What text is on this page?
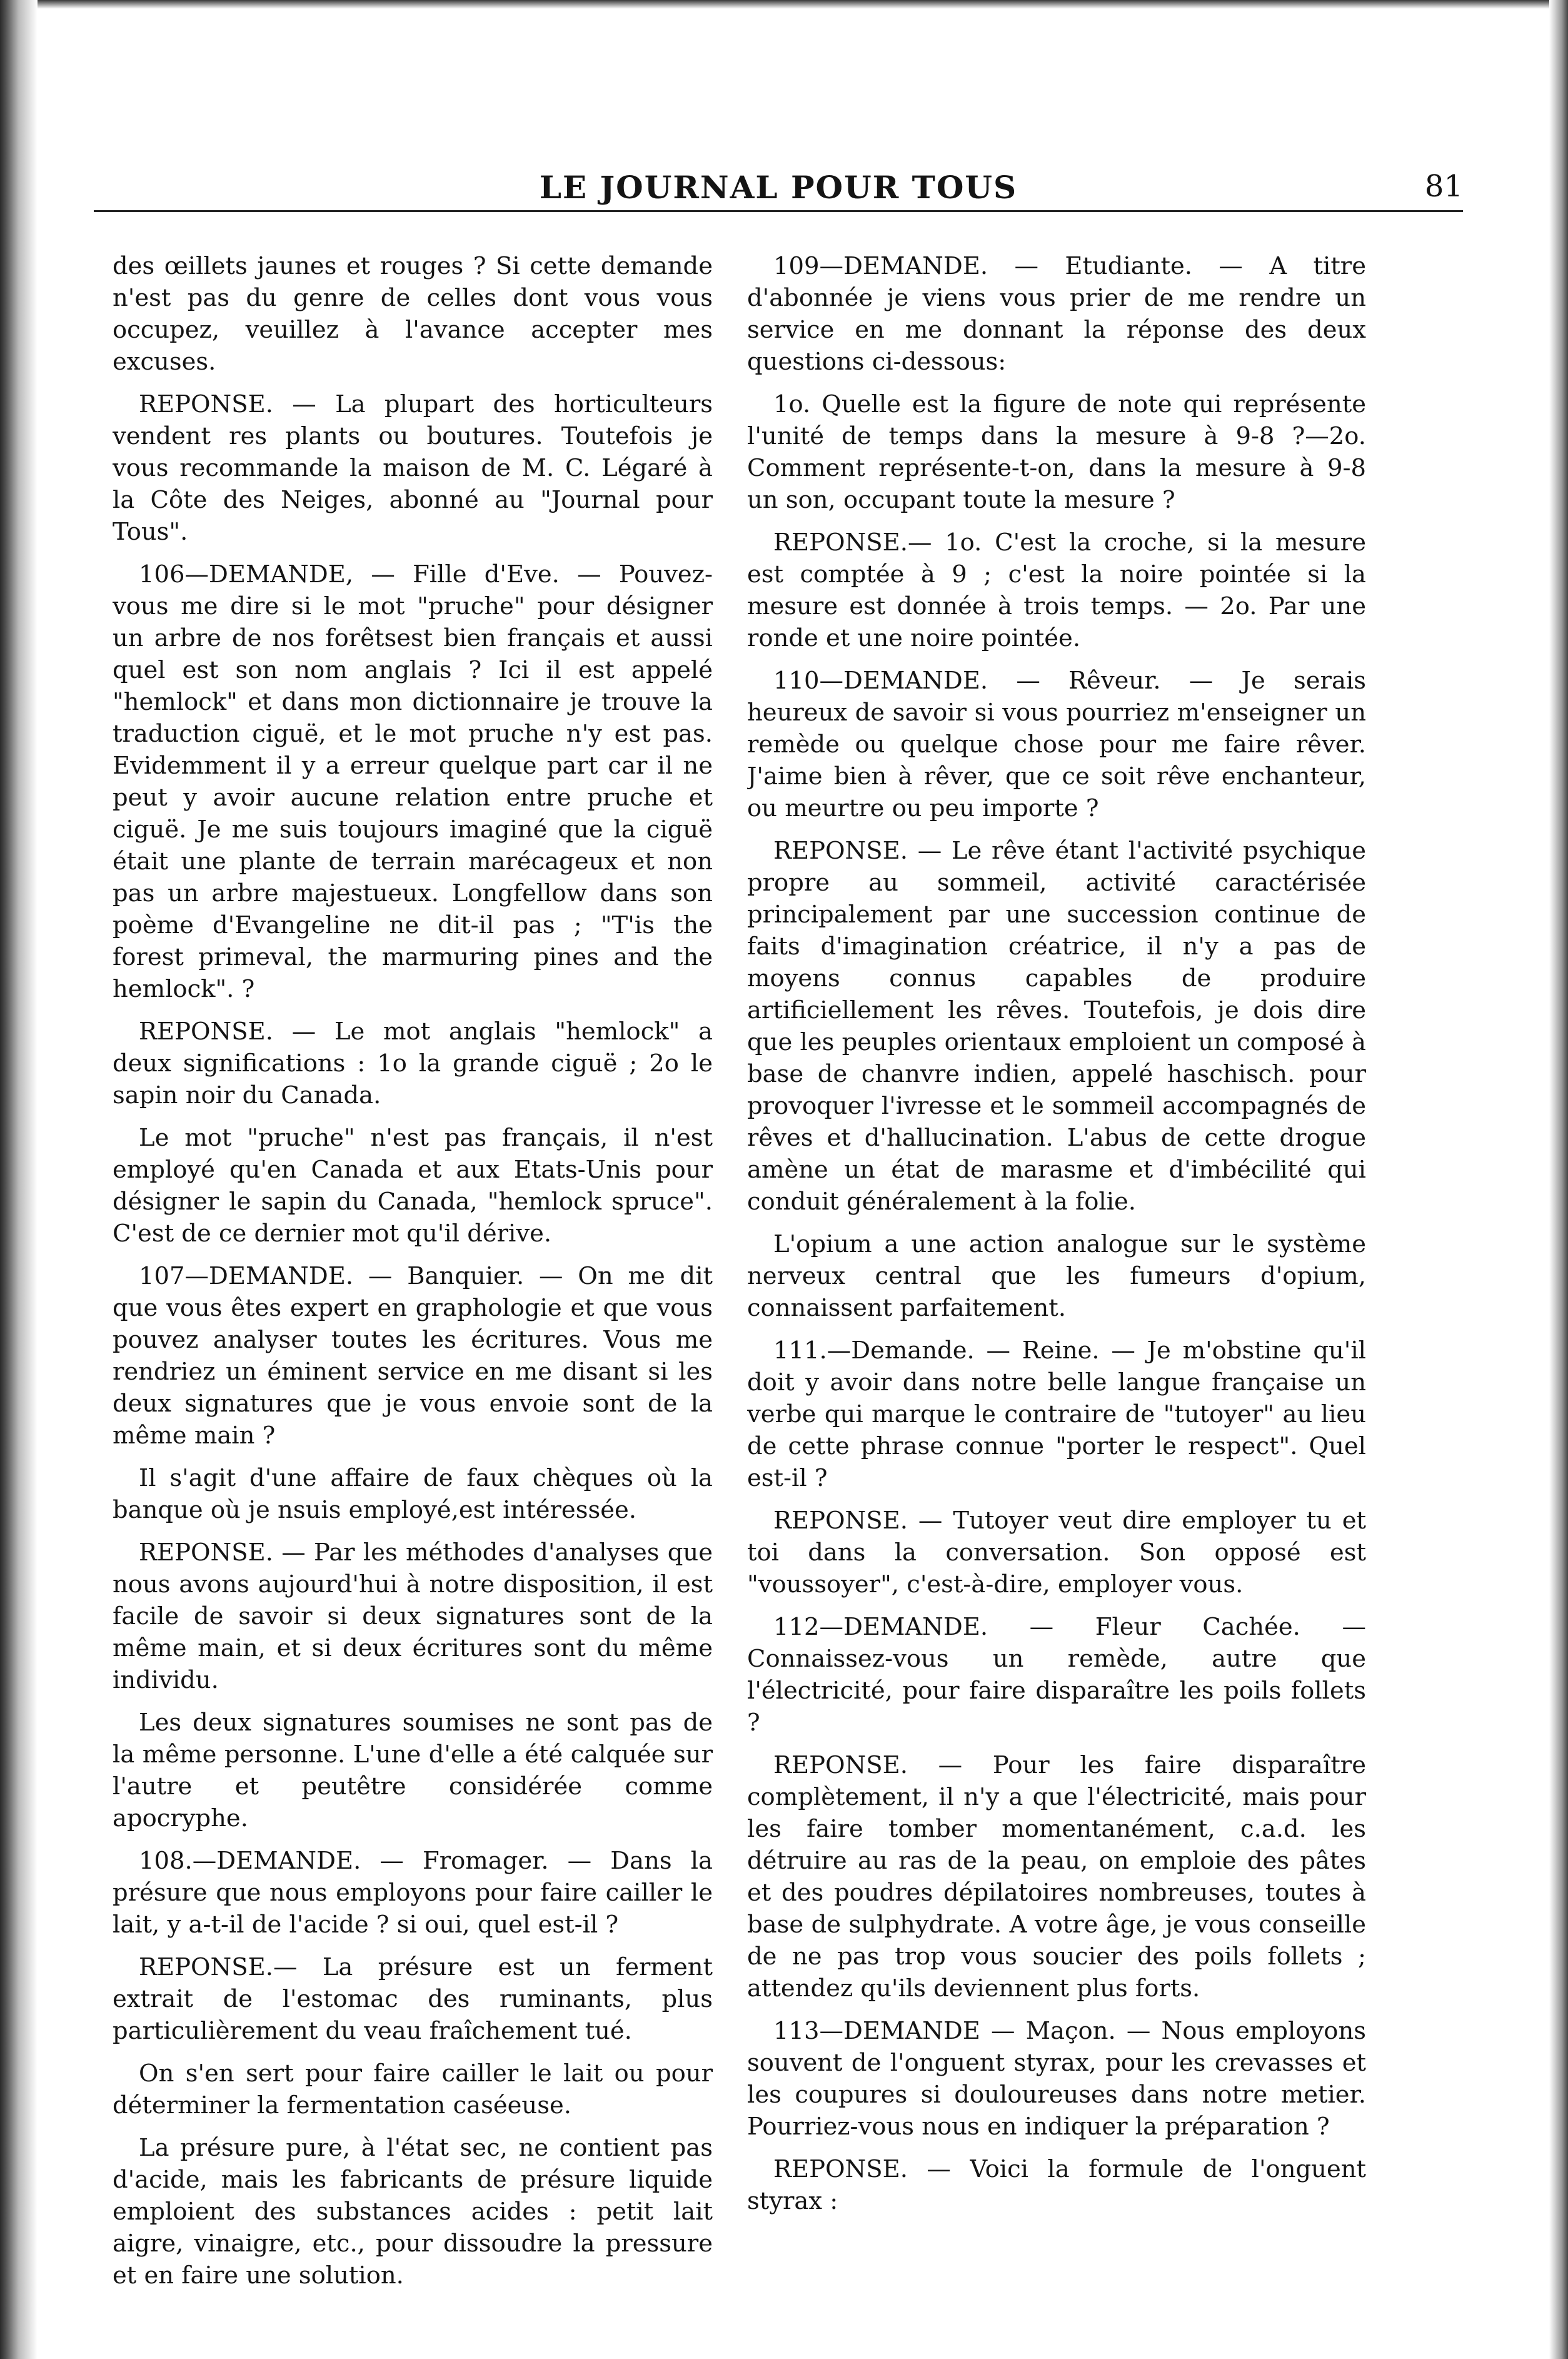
LE JOURNAL POUR TOUS	81

des œillets jaunes et rouges ? Si cette demande n'est pas du genre de celles dont vous vous occupez, veuillez à l'avance accepter mes excuses.

REPONSE. — La plupart des horticulteurs vendent res plants ou boutures. Toutefois je vous recommande la maison de M. C. Légaré à la Côte des Neiges, abonné au "Journal pour Tous".

106—DEMANDE, — Fille d'Eve. — Pouvez-vous me dire si le mot "pruche" pour désigner un arbre de nos forêtsest bien français et aussi quel est son nom anglais ? Ici il est appelé "hemlock" et dans mon dictionnaire je trouve la traduction ciguë, et le mot pruche n'y est pas. Evidemment il y a erreur quelque part car il ne peut y avoir aucune relation entre pruche et ciguë. Je me suis toujours imaginé que la ciguë était une plante de terrain marécageux et non pas un arbre majestueux. Longfellow dans son poème d'Evangeline ne dit-il pas ; "T'is the forest primeval, the marmuring pines and the hemlock". ?

REPONSE. — Le mot anglais "hemlock" a deux significations : 1o la grande ciguë ; 2o le sapin noir du Canada.

Le mot "pruche" n'est pas français, il n'est employé qu'en Canada et aux Etats-Unis pour désigner le sapin du Canada, "hemlock spruce". C'est de ce dernier mot qu'il dérive.

107—DEMANDE. — Banquier. — On me dit que vous êtes expert en graphologie et que vous pouvez analyser toutes les écritures. Vous me rendriez un éminent service en me disant si les deux signatures que je vous envoie sont de la même main ?

Il s'agit d'une affaire de faux chèques où la banque où je nsuis employé,est intéressée.

REPONSE. — Par les méthodes d'analyses que nous avons aujourd'hui à notre disposition, il est facile de savoir si deux signatures sont de la même main, et si deux écritures sont du même individu.

Les deux signatures soumises ne sont pas de la même personne. L'une d'elle a été calquée sur l'autre et peutêtre considérée comme apocryphe.

108.—DEMANDE. — Fromager. — Dans la présure que nous employons pour faire cailler le lait, y a-t-il de l'acide ? si oui, quel est-il ?

REPONSE.— La présure est un ferment extrait de l'estomac des ruminants, plus particulièrement du veau fraîchement tué.

On s'en sert pour faire cailler le lait ou pour déterminer la fermentation caséeuse.

La présure pure, à l'état sec, ne contient pas d'acide, mais les fabricants de présure liquide emploient des substances acides : petit lait aigre, vinaigre, etc., pour dissoudre la pressure et en faire une solution.

109—DEMANDE. — Etudiante. — A titre d'abonnée je viens vous prier de me rendre un service en me donnant la réponse des deux questions ci-dessous:

1o. Quelle est la figure de note qui représente l'unité de temps dans la mesure à 9-8 ?—2o. Comment représente-t-on, dans la mesure à 9-8 un son, occupant toute la mesure ?

REPONSE.— 1o. C'est la croche, si la mesure est comptée à 9 ; c'est la noire pointée si la mesure est donnée à trois temps. — 2o. Par une ronde et une noire pointée.

110—DEMANDE. — Rêveur. — Je serais heureux de savoir si vous pourriez m'enseigner un remède ou quelque chose pour me faire rêver. J'aime bien à rêver, que ce soit rêve enchanteur, ou meurtre ou peu importe ?

REPONSE. — Le rêve étant l'activité psychique propre au sommeil, activité caractérisée principalement par une succession continue de faits d'imagination créatrice, il n'y a pas de moyens connus capables de produire artificiellement les rêves. Toutefois, je dois dire que les peuples orientaux emploient un composé à base de chanvre indien, appelé haschisch. pour provoquer l'ivresse et le sommeil accompagnés de rêves et d'hallucination. L'abus de cette drogue amène un état de marasme et d'imbécilité qui conduit généralement à la folie.

L'opium a une action analogue sur le système nerveux central que les fumeurs d'opium, connaissent parfaitement.

111.—Demande. — Reine. — Je m'obstine qu'il doit y avoir dans notre belle langue française un verbe qui marque le contraire de "tutoyer" au lieu de cette phrase connue "porter le respect". Quel est-il ?

REPONSE. — Tutoyer veut dire employer tu et toi dans la conversation. Son opposé est "voussoyer", c'est-à-dire, employer vous.

112—DEMANDE. — Fleur Cachée. —Connaissez-vous un remède, autre que l'électricité, pour faire disparaître les poils follets ?

REPONSE. — Pour les faire disparaître complètement, il n'y a que l'électricité, mais pour les faire tomber momentanément, c.a.d. les détruire au ras de la peau, on emploie des pâtes et des poudres dépilatoires nombreuses, toutes à base de sulphydrate. A votre âge, je vous conseille de ne pas trop vous soucier des poils follets ; attendez qu'ils deviennent plus forts.

113—DEMANDE — Maçon. — Nous employons souvent de l'onguent styrax, pour les crevasses et les coupures si douloureuses dans notre metier. Pourriez-vous nous en indiquer la préparation ?

REPONSE. — Voici la formule de l'onguent styrax :
